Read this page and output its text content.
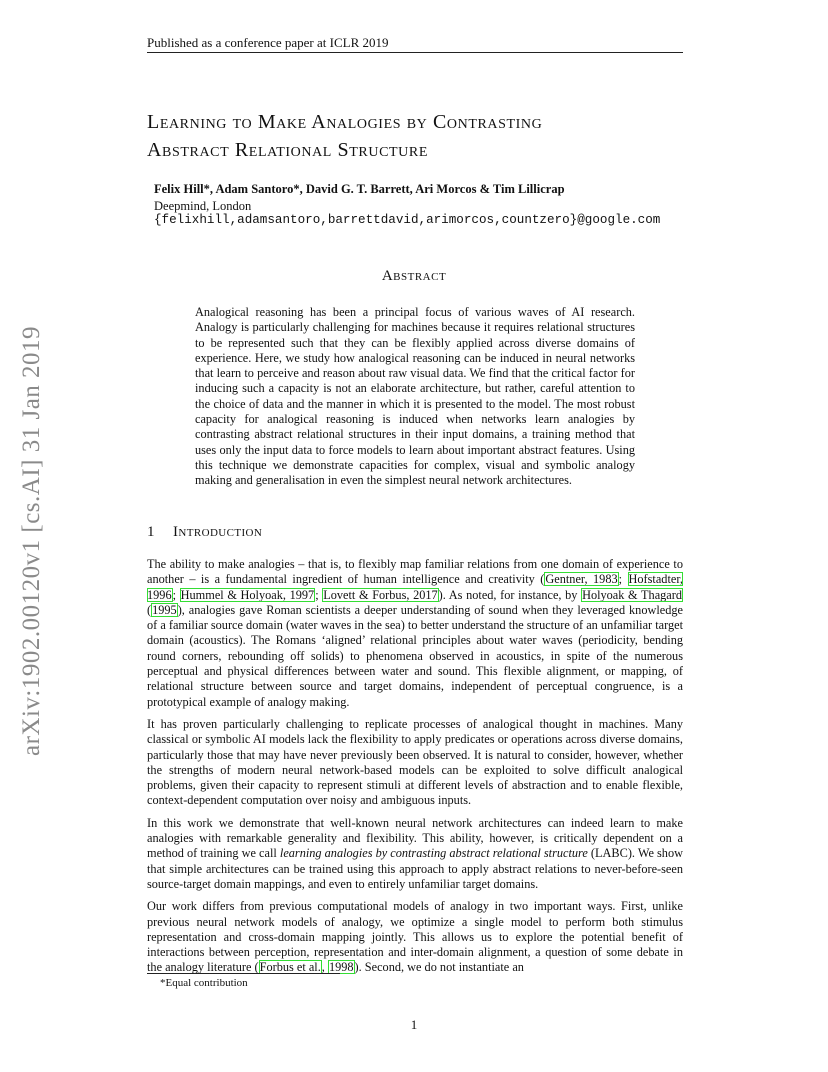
Published as a conference paper at ICLR 2019
arXiv:1902.00120v1 [cs.AI] 31 Jan 2019
Learning to Make Analogies by Contrasting
Abstract Relational Structure
Felix Hill*, Adam Santoro*, David G. T. Barrett, Ari Morcos & Tim Lillicrap
Deepmind, London
{felixhill,adamsantoro,barrettdavid,arimorcos,countzero}@google.com
Abstract
Analogical reasoning has been a principal focus of various waves of AI research. Analogy is particularly challenging for machines because it requires relational structures to be represented such that they can be flexibly applied across diverse domains of experience. Here, we study how analogical reasoning can be induced in neural networks that learn to perceive and reason about raw visual data. We find that the critical factor for inducing such a capacity is not an elaborate architecture, but rather, careful attention to the choice of data and the manner in which it is presented to the model. The most robust capacity for analogical reasoning is induced when networks learn analogies by contrasting abstract relational structures in their input domains, a training method that uses only the input data to force models to learn about important abstract features. Using this technique we demonstrate capacities for complex, visual and symbolic analogy making and generalisation in even the simplest neural network architectures.
1 Introduction

The ability to make analogies – that is, to flexibly map familiar relations from one domain of experience to another – is a fundamental ingredient of human intelligence and creativity (Gentner, 1983; Hofstadter, 1996; Hummel & Holyoak, 1997; Lovett & Forbus, 2017). As noted, for instance, by Holyoak & Thagard (1995), analogies gave Roman scientists a deeper understanding of sound when they leveraged knowledge of a familiar source domain (water waves in the sea) to better understand the structure of an unfamiliar target domain (acoustics). The Romans ‘aligned’ relational principles about water waves (periodicity, bending round corners, rebounding off solids) to phenomena observed in acoustics, in spite of the numerous perceptual and physical differences between water and sound. This flexible alignment, or mapping, of relational structure between source and target domains, independent of perceptual congruence, is a prototypical example of analogy making.

It has proven particularly challenging to replicate processes of analogical thought in machines. Many classical or symbolic AI models lack the flexibility to apply predicates or operations across diverse domains, particularly those that may have never previously been observed. It is natural to consider, however, whether the strengths of modern neural network-based models can be exploited to solve difficult analogical problems, given their capacity to represent stimuli at different levels of abstraction and to enable flexible, context-dependent computation over noisy and ambiguous inputs.

In this work we demonstrate that well-known neural network architectures can indeed learn to make analogies with remarkable generality and flexibility. This ability, however, is critically dependent on a method of training we call learning analogies by contrasting abstract relational structure (LABC). We show that simple architectures can be trained using this approach to apply abstract relations to never-before-seen source-target domain mappings, and even to entirely unfamiliar target domains.

Our work differs from previous computational models of analogy in two important ways. First, unlike previous neural network models of analogy, we optimize a single model to perform both stimulus representation and cross-domain mapping jointly. This allows us to explore the potential benefit of interactions between perception, representation and inter-domain alignment, a question of some debate in the analogy literature (Forbus et al., 1998). Second, we do not instantiate an

*Equal contribution
1
